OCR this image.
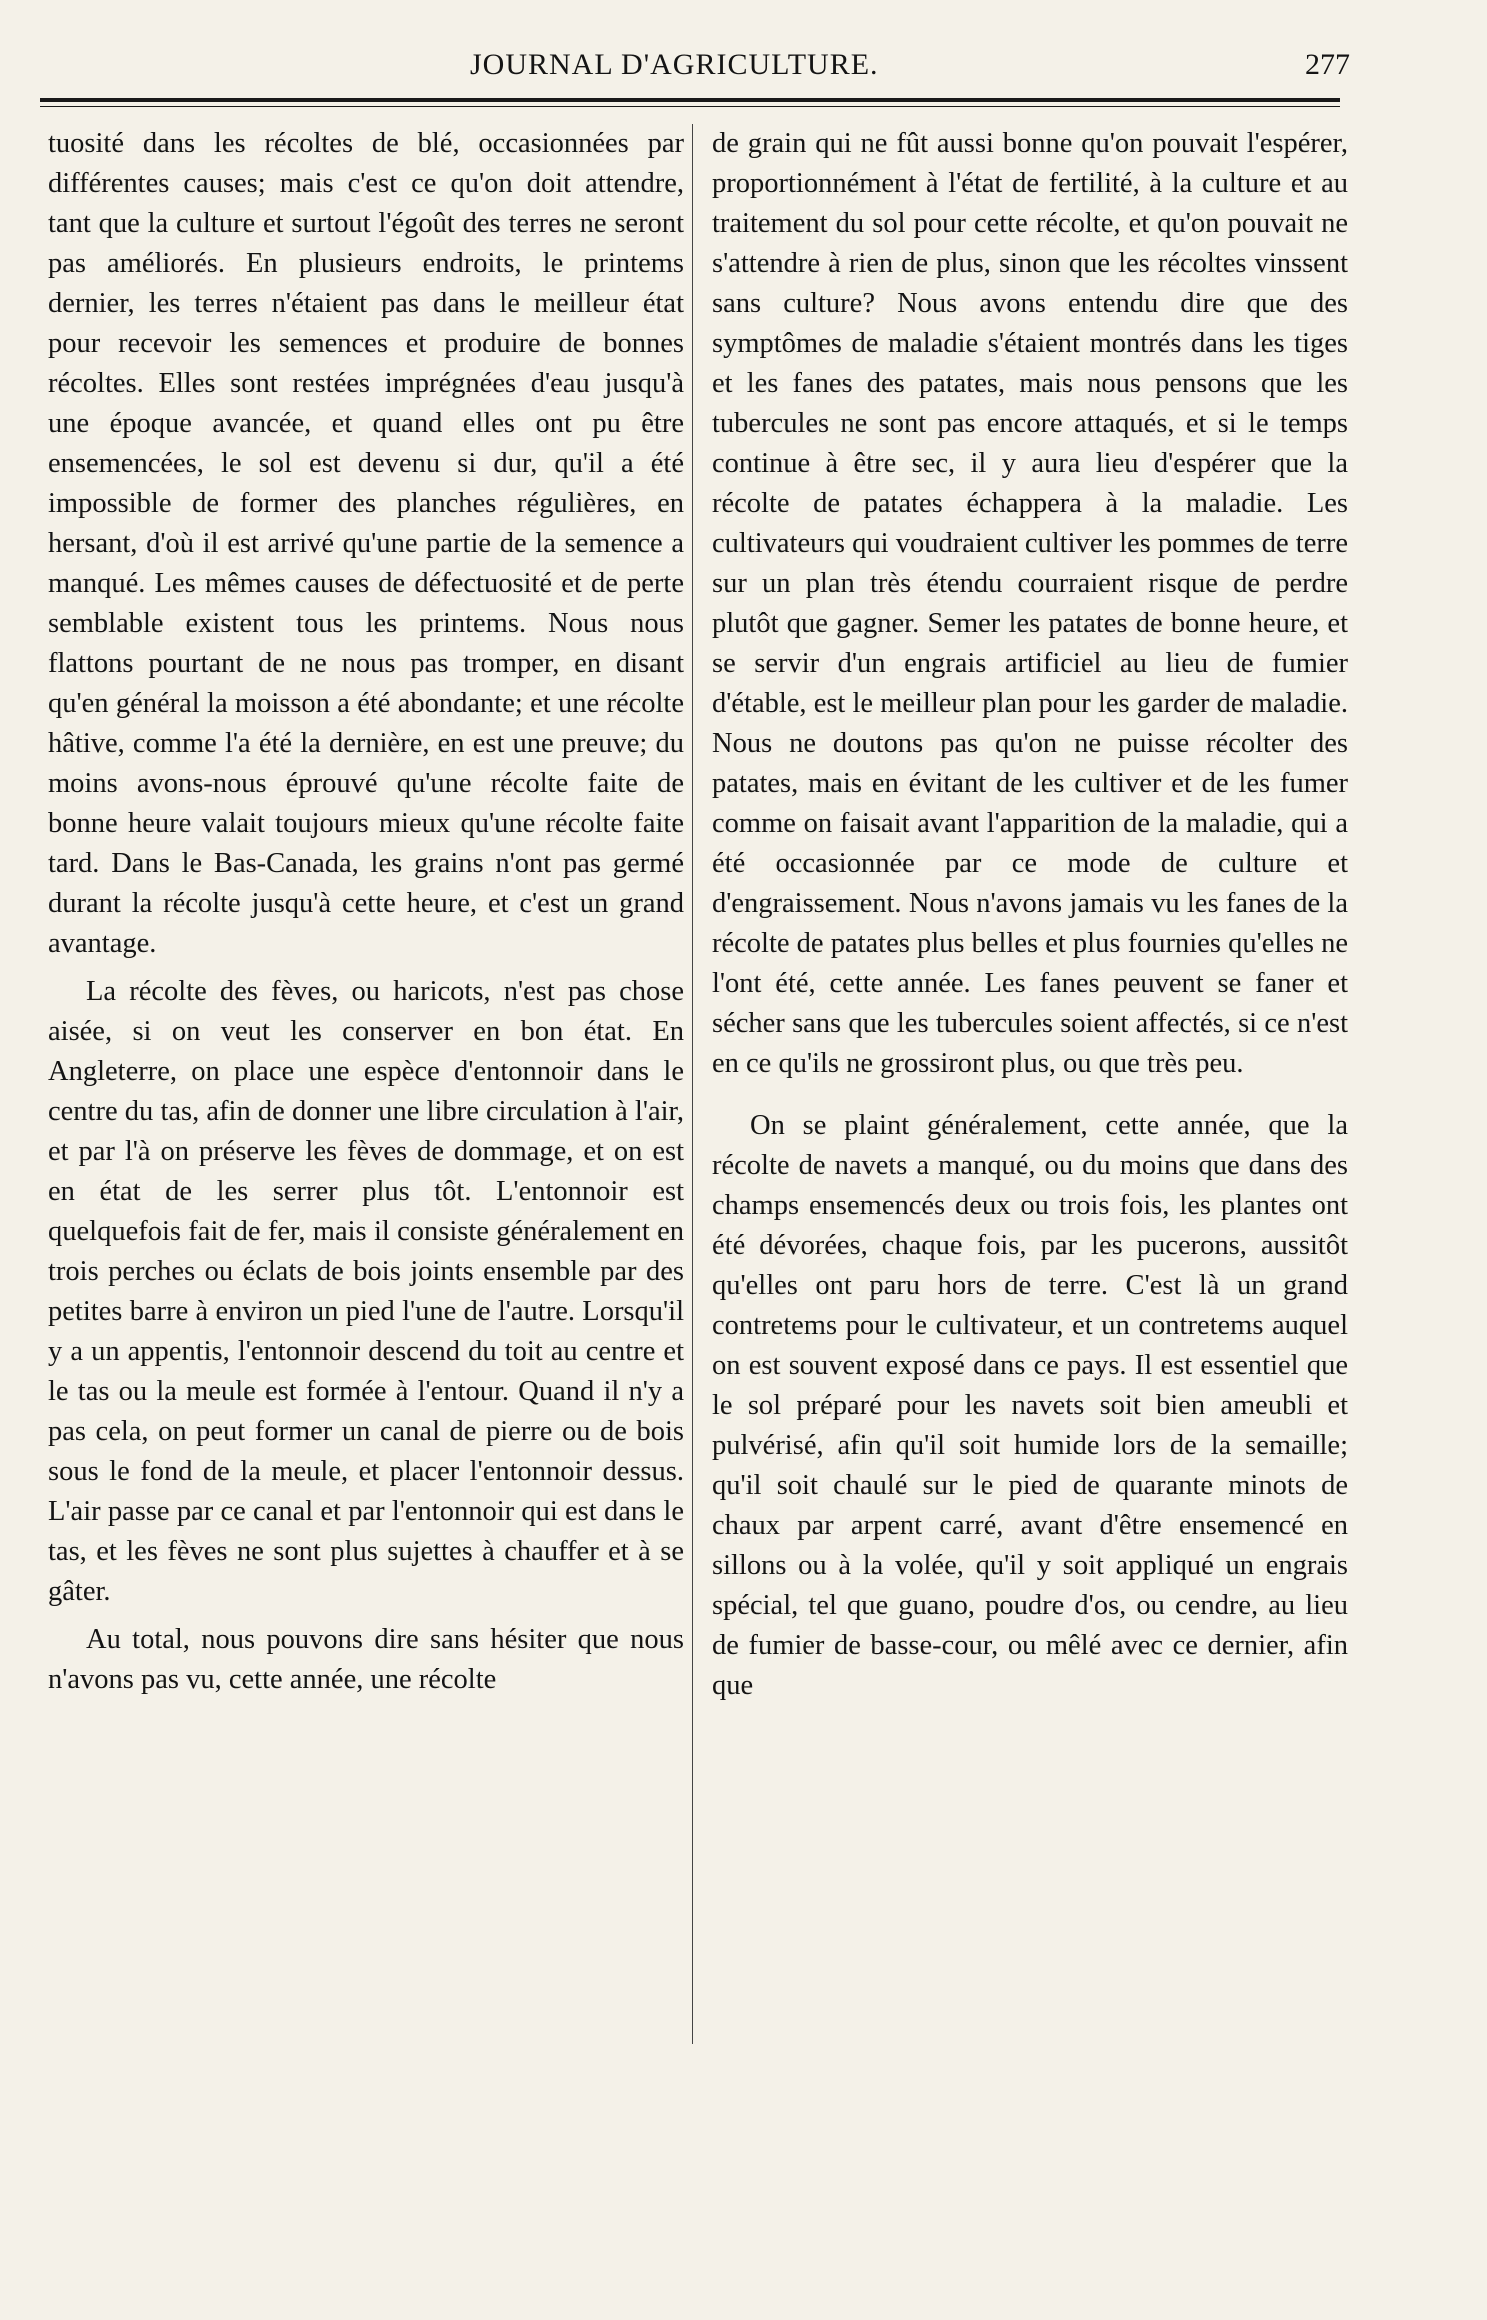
JOURNAL D'AGRICULTURE.	277

tuosité dans les récoltes de blé, occasionnées par différentes causes; mais c'est ce qu'on doit attendre, tant que la culture et surtout l'égoût des terres ne seront pas améliorés. En plusieurs endroits, le printems dernier, les terres n'étaient pas dans le meilleur état pour recevoir les semences et produire de bonnes récoltes. Elles sont restées imprégnées d'eau jusqu'à une époque avancée, et quand elles ont pu être ensemencées, le sol est devenu si dur, qu'il a été impossible de former des planches régulières, en hersant, d'où il est arrivé qu'une partie de la semence a manqué. Les mêmes causes de défectuosité et de perte semblable existent tous les printems. Nous nous flattons pourtant de ne nous pas tromper, en disant qu'en général la moisson a été abondante; et une récolte hâtive, comme l'a été la dernière, en est une preuve; du moins avons-nous éprouvé qu'une récolte faite de bonne heure valait toujours mieux qu'une récolte faite tard. Dans le Bas-Canada, les grains n'ont pas germé durant la récolte jusqu'à cette heure, et c'est un grand avantage.

La récolte des fèves, ou haricots, n'est pas chose aisée, si on veut les conserver en bon état. En Angleterre, on place une espèce d'entonnoir dans le centre du tas, afin de donner une libre circulation à l'air, et par l'à on préserve les fèves de dommage, et on est en état de les serrer plus tôt. L'entonnoir est quelquefois fait de fer, mais il consiste généralement en trois perches ou éclats de bois joints ensemble par des petites barre à environ un pied l'une de l'autre. Lorsqu'il y a un appentis, l'entonnoir descend du toit au centre et le tas ou la meule est formée à l'entour. Quand il n'y a pas cela, on peut former un canal de pierre ou de bois sous le fond de la meule, et placer l'entonnoir dessus. L'air passe par ce canal et par l'entonnoir qui est dans le tas, et les fèves ne sont plus sujettes à chauffer et à se gâter.

Au total, nous pouvons dire sans hésiter que nous n'avons pas vu, cette année, une récolte

de grain qui ne fût aussi bonne qu'on pouvait l'espérer, proportionnément à l'état de fertilité, à la culture et au traitement du sol pour cette récolte, et qu'on pouvait ne s'attendre à rien de plus, sinon que les récoltes vinssent sans culture? Nous avons entendu dire que des symptômes de maladie s'étaient montrés dans les tiges et les fanes des patates, mais nous pensons que les tubercules ne sont pas encore attaqués, et si le temps continue à être sec, il y aura lieu d'espérer que la récolte de patates échappera à la maladie. Les cultivateurs qui voudraient cultiver les pommes de terre sur un plan très étendu courraient risque de perdre plutôt que gagner. Semer les patates de bonne heure, et se servir d'un engrais artificiel au lieu de fumier d'étable, est le meilleur plan pour les garder de maladie. Nous ne doutons pas qu'on ne puisse récolter des patates, mais en évitant de les cultiver et de les fumer comme on faisait avant l'apparition de la maladie, qui a été occasionnée par ce mode de culture et d'engraissement. Nous n'avons jamais vu les fanes de la récolte de patates plus belles et plus fournies qu'elles ne l'ont été, cette année. Les fanes peuvent se faner et sécher sans que les tubercules soient affectés, si ce n'est en ce qu'ils ne grossiront plus, ou que très peu.

On se plaint généralement, cette année, que la récolte de navets a manqué, ou du moins que dans des champs ensemencés deux ou trois fois, les plantes ont été dévorées, chaque fois, par les pucerons, aussitôt qu'elles ont paru hors de terre. C'est là un grand contretems pour le cultivateur, et un contretems auquel on est souvent exposé dans ce pays. Il est essentiel que le sol préparé pour les navets soit bien ameubli et pulvérisé, afin qu'il soit humide lors de la semaille; qu'il soit chaulé sur le pied de quarante minots de chaux par arpent carré, avant d'être ensemencé en sillons ou à la volée, qu'il y soit appliqué un engrais spécial, tel que guano, poudre d'os, ou cendre, au lieu de fumier de basse-cour, ou mêlé avec ce dernier, afin que
